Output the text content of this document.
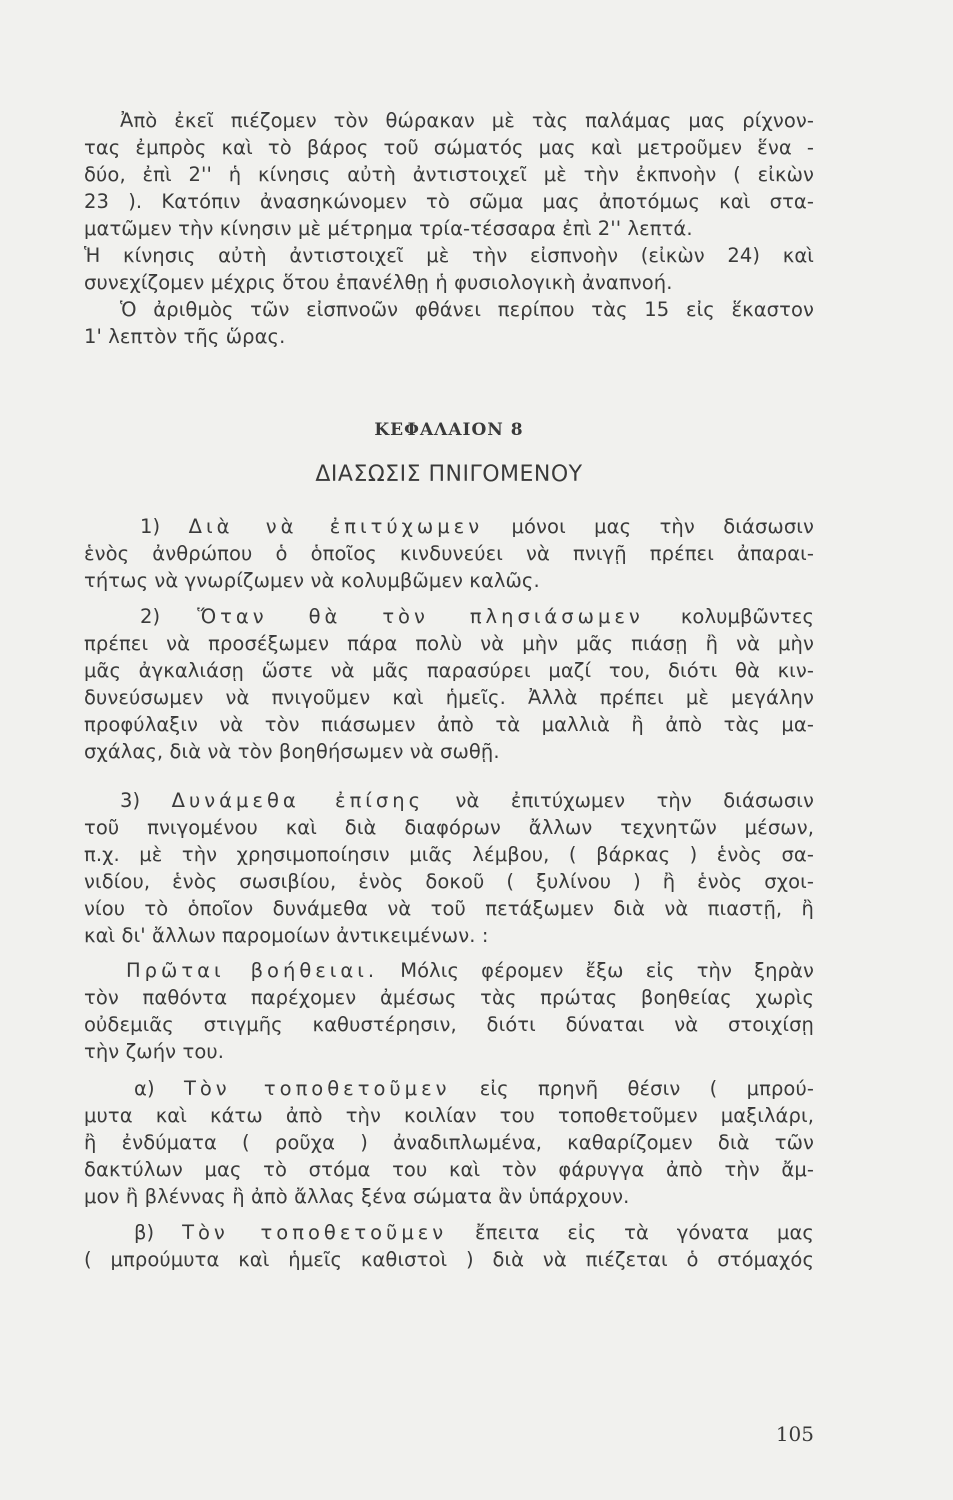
Ἀπὸ ἐκεῖ πιέζομεν τὸν θώρακαν μὲ τὰς παλάμας μας ρίχνον-
τας ἐμπρὸς καὶ τὸ βάρος τοῦ σώματός μας καὶ μετροῦμεν ἕνα -
δύο, ἐπὶ 2'' ἡ κίνησις αὐτὴ ἀντιστοιχεῖ μὲ τὴν ἐκπνοὴν ( εἰκὼν
23 ). Κατόπιν ἀνασηκώνομεν τὸ σῶμα μας ἀποτόμως καὶ στα-
ματῶμεν τὴν κίνησιν μὲ μέτρημα τρία-τέσσαρα ἐπὶ 2'' λεπτά.
Ἡ κίνησις αὐτὴ ἀντιστοιχεῖ μὲ τὴν εἰσπνοὴν (εἰκὼν 24) καὶ
συνεχίζομεν μέχρις ὅτου ἐπανέλθῃ ἡ φυσιολογικὴ ἀναπνοή.
Ὁ ἀριθμὸς τῶν εἰσπνοῶν φθάνει περίπου τὰς 15 εἰς ἕκαστον
1' λεπτὸν τῆς ὥρας.
ΚΕΦΑΛΑΙΟΝ 8
ΔΙΑΣΩΣΙΣ ΠΝΙΓΟΜΕΝΟΥ
1) Διὰ νὰ ἐπιτύχωμεν μόνοι μας τὴν διάσωσιν
ἑνὸς ἀνθρώπου ὁ ὁποῖος κινδυνεύει νὰ πνιγῇ πρέπει ἀπαραι-
τήτως νὰ γνωρίζωμεν νὰ κολυμβῶμεν καλῶς.
2) Ὅταν θὰ τὸν πλησιάσωμεν κολυμβῶντες
πρέπει νὰ προσέξωμεν πάρα πολὺ νὰ μὴν μᾶς πιάσῃ ἢ νὰ μὴν
μᾶς ἀγκαλιάσῃ ὥστε νὰ μᾶς παρασύρει μαζί του, διότι θὰ κιν-
δυνεύσωμεν νὰ πνιγοῦμεν καὶ ἡμεῖς. Ἀλλὰ πρέπει μὲ μεγάλην
προφύλαξιν νὰ τὸν πιάσωμεν ἀπὸ τὰ μαλλιὰ ἢ ἀπὸ τὰς μα-
σχάλας, διὰ νὰ τὸν βοηθήσωμεν νὰ σωθῇ.
3) Δυνάμεθα ἐπίσης νὰ ἐπιτύχωμεν τὴν διάσωσιν
τοῦ πνιγομένου καὶ διὰ διαφόρων ἄλλων τεχνητῶν μέσων,
π.χ. μὲ τὴν χρησιμοποίησιν μιᾶς λέμβου, ( βάρκας ) ἑνὸς σα-
νιδίου, ἑνὸς σωσιβίου, ἑνὸς δοκοῦ ( ξυλίνου ) ἢ ἑνὸς σχοι-
νίου τὸ ὁποῖον δυνάμεθα νὰ τοῦ πετάξωμεν διὰ νὰ πιαστῇ, ἢ
καὶ δι' ἄλλων παρομοίων ἀντικειμένων. :
Πρῶται βοήθειαι. Μόλις φέρομεν ἔξω εἰς τὴν ξηρὰν
τὸν παθόντα παρέχομεν ἀμέσως τὰς πρώτας βοηθείας χωρὶς
οὐδεμιᾶς στιγμῆς καθυστέρησιν, διότι δύναται νὰ στοιχίσῃ
τὴν ζωήν του.
α) Τὸν τοποθετοῦμεν εἰς πρηνῆ θέσιν ( μπρού-
μυτα καὶ κάτω ἀπὸ τὴν κοιλίαν του τοποθετοῦμεν μαξιλάρι,
ἢ ἐνδύματα ( ροῦχα ) ἀναδιπλωμένα, καθαρίζομεν διὰ τῶν
δακτύλων μας τὸ στόμα του καὶ τὸν φάρυγγα ἀπὸ τὴν ἄμ-
μον ἢ βλέννας ἢ ἀπὸ ἄλλας ξένα σώματα ἂν ὑπάρχουν.
β) Τὸν τοποθετοῦμεν ἔπειτα εἰς τὰ γόνατα μας
( μπρούμυτα καὶ ἡμεῖς καθιστοὶ ) διὰ νὰ πιέζεται ὁ στόμαχός
105
